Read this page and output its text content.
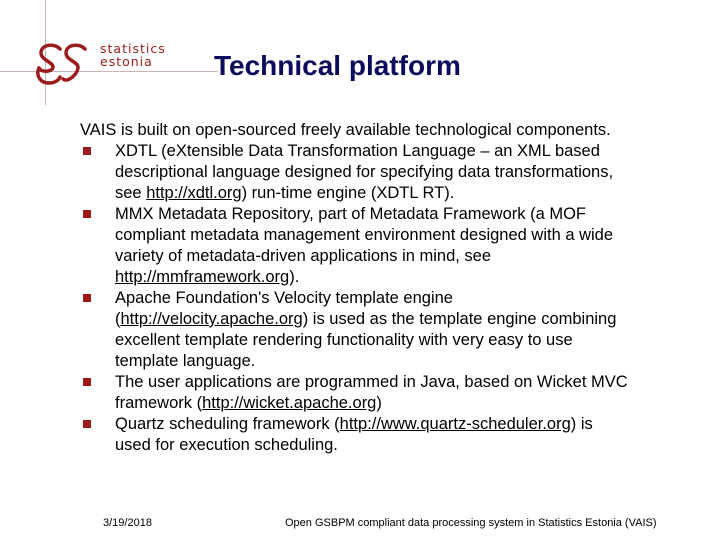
statistics
estonia	Technical platform

VAIS is built on open-sourced freely available technological components.

XDTL (eXtensible Data Transformation Language – an XML based
descriptional language designed for specifying data transformations,
see http://xdtl.org) run-time engine (XDTL RT).
MMX Metadata Repository, part of Metadata Framework (a MOF
compliant metadata management environment designed with a wide
variety of metadata-driven applications in mind, see
http://mmframework.org).
Apache Foundation's Velocity template engine
(http://velocity.apache.org) is used as the template engine combining
excellent template rendering functionality with very easy to use
template language.
The user applications are programmed in Java, based on Wicket MVC
framework (http://wicket.apache.org)
Quartz scheduling framework (http://www.quartz-scheduler.org) is
used for execution scheduling.
3/19/2018	Open GSBPM compliant data processing system in Statistics Estonia (VAIS)
